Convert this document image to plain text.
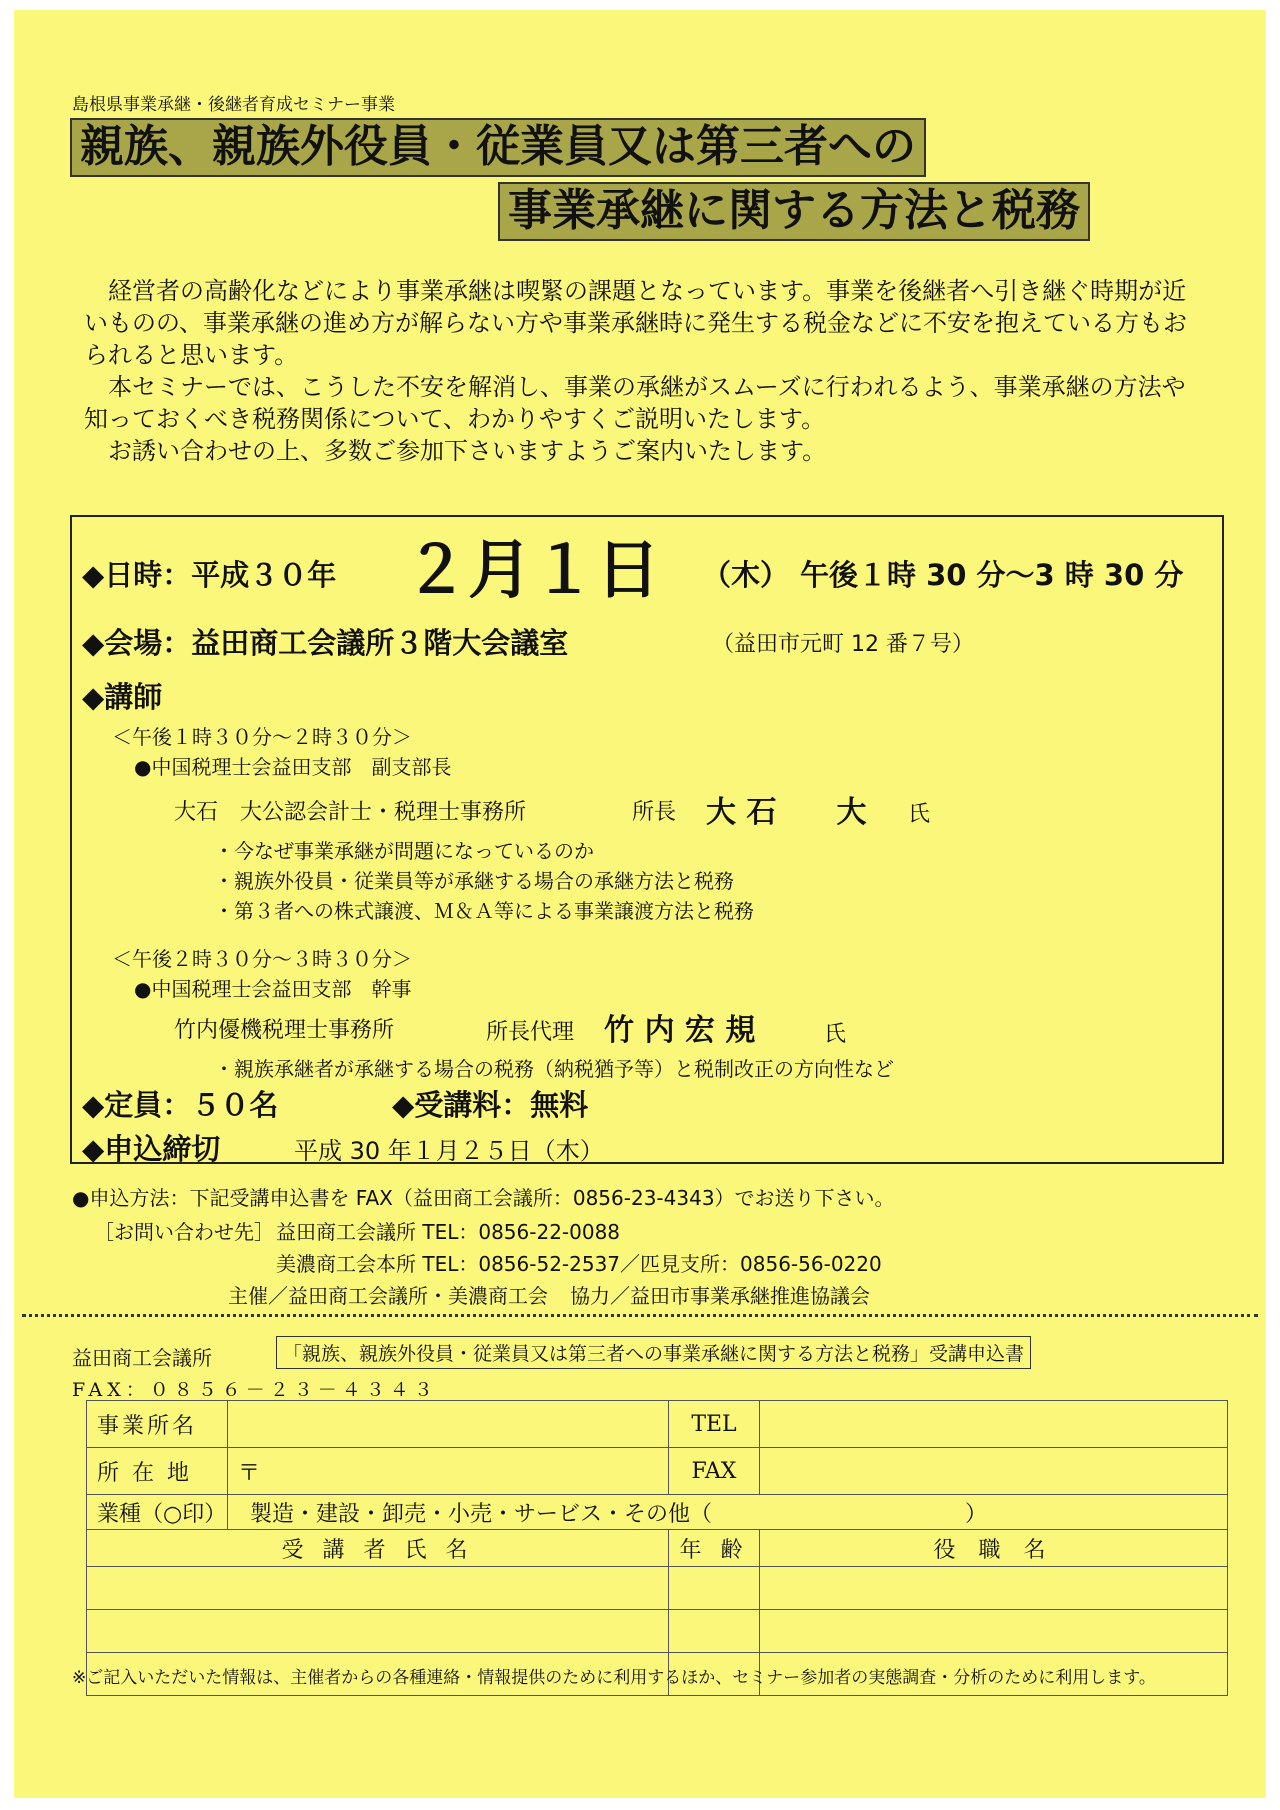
島根県事業承継・後継者育成セミナー事業
親族、親族外役員・従業員又は第三者への
事業承継に関する方法と税務

経営者の高齢化などにより事業承継は喫緊の課題となっています。事業を後継者へ引き継ぐ時期が近いものの、事業承継の進め方が解らない方や事業承継時に発生する税金などに不安を抱えている方もおられると思います。

本セミナーでは、こうした不安を解消し、事業の承継がスムーズに行われるよう、事業承継の方法や知っておくべき税務関係について、わかりやすくご説明いたします。

お誘い合わせの上、多数ご参加下さいますようご案内いたします。

◆日時：平成３０年 ２月１日 （木） 午後１時 30 分～3 時 30 分
◆会場：益田商工会議所３階大会議室	（益田市元町 12 番７号）
◆講師
＜午後１時３０分～２時３０分＞
●中国税理士会益田支部　副支部長
大石　大公認会計士・税理士事務所	所長 大 石　　大 氏
・今なぜ事業承継が問題になっているのか
・親族外役員・従業員等が承継する場合の承継方法と税務
・第３者への株式譲渡、Ｍ＆Ａ等による事業譲渡方法と税務
＜午後２時３０分～３時３０分＞
●中国税理士会益田支部　幹事
竹内優機税理士事務所	所長代理 竹 内 宏 規	氏
・親族承継者が承継する場合の税務（納税猶予等）と税制改正の方向性など
◆定員：５０名	◆受講料：無料
◆申込締切	平成 30 年１月２５日（木）
●申込方法：下記受講申込書を FAX（益田商工会議所：0856-23-4343）でお送り下さい。
［お問い合わせ先］ 益田商工会議所 TEL：0856-22-0088
美濃商工会本所 TEL：0856-52-2537／匹見支所：0856-56-0220
主催／益田商工会議所・美濃商工会 協力／益田市事業承継推進協議会
益田商工会議所	「親族、親族外役員・従業員又は第三者への事業承継に関する方法と税務」受講申込書
FAX：０８５６－２３－４３４３
事業所名		TEL	
所 在 地	〒	FAX	
業種（○印）	製造・建設・卸売・小売・サービス・その他（ ）		

受 講 者 氏 名		年 齢	役 職 名

※ご記入いただいた情報は、主催者からの各種連絡・情報提供のために利用するほか、セミナー参加者の実態調査・分析のために利用します。
